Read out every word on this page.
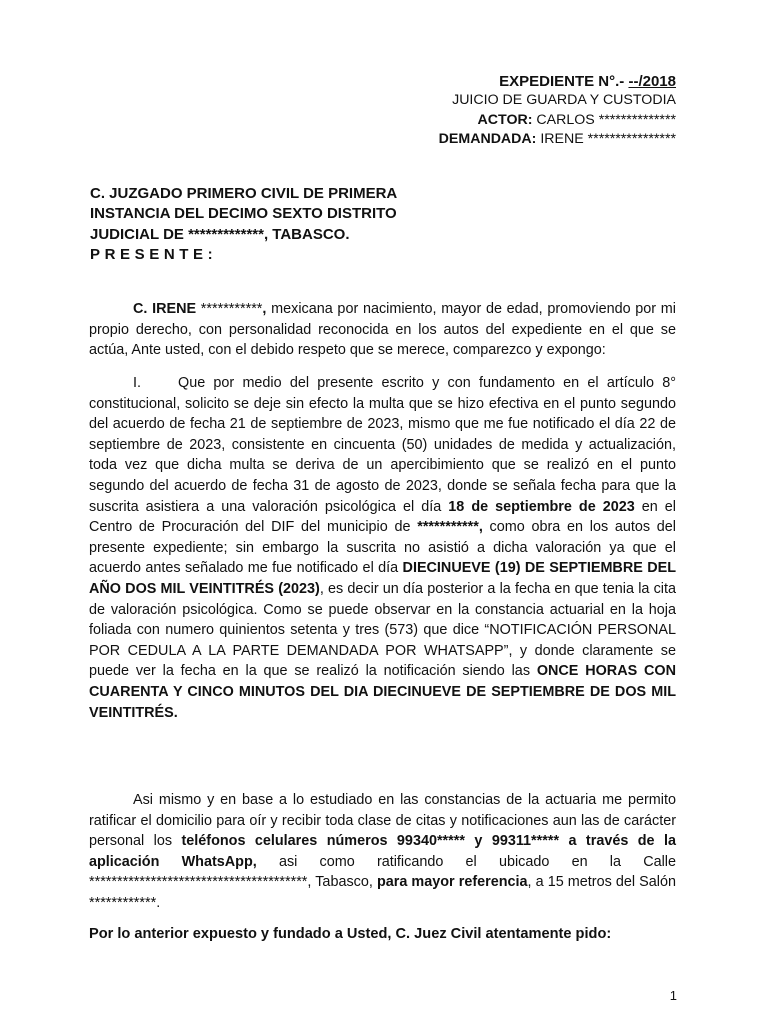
EXPEDIENTE N°.- --/2018
JUICIO DE GUARDA Y CUSTODIA
ACTOR: CARLOS **************
DEMANDADA: IRENE ****************
C. JUZGADO PRIMERO CIVIL DE PRIMERA
INSTANCIA DEL DECIMO SEXTO DISTRITO
JUDICIAL DE *************, TABASCO.
PRESENTE:
C. IRENE ***********, mexicana por nacimiento, mayor de edad, promoviendo por mi propio derecho, con personalidad reconocida en los autos del expediente en el que se actúa, Ante usted, con el debido respeto que se merece, comparezco y expongo:
I.	Que por medio del presente escrito y con fundamento en el artículo 8° constitucional, solicito se deje sin efecto la multa que se hizo efectiva en el punto segundo del acuerdo de fecha 21 de septiembre de 2023, mismo que me fue notificado el día 22 de septiembre de 2023, consistente en cincuenta (50) unidades de medida y actualización, toda vez que dicha multa se deriva de un apercibimiento que se realizó en el punto segundo del acuerdo de fecha 31 de agosto de 2023, donde se señala fecha para que la suscrita asistiera a una valoración psicológica el día 18 de septiembre de 2023 en el Centro de Procuración del DIF del municipio de ***********, como obra en los autos del presente expediente; sin embargo la suscrita no asistió a dicha valoración ya que el acuerdo antes señalado me fue notificado el día DIECINUEVE (19) DE SEPTIEMBRE DEL AÑO DOS MIL VEINTITRÉS (2023), es decir un día posterior a la fecha en que tenia la cita de valoración psicológica. Como se puede observar en la constancia actuarial en la hoja foliada con numero quinientos setenta y tres (573) que dice “NOTIFICACIÓN PERSONAL POR CEDULA A LA PARTE DEMANDADA POR WHATSAPP”, y donde claramente se puede ver la fecha en la que se realizó la notificación siendo las ONCE HORAS CON CUARENTA Y CINCO MINUTOS DEL DIA DIECINUEVE DE SEPTIEMBRE DE DOS MIL VEINTITRÉS.
Asi mismo y en base a lo estudiado en las constancias de la actuaria me permito ratificar el domicilio para oír y recibir toda clase de citas y notificaciones aun las de carácter personal los teléfonos celulares números 99340***** y 99311***** a través de la aplicación WhatsApp, asi como ratificando el ubicado en la Calle ***************************************, Tabasco, para mayor referencia, a 15 metros del Salón ************.
Por lo anterior expuesto y fundado a Usted, C. Juez Civil atentamente pido:
1
